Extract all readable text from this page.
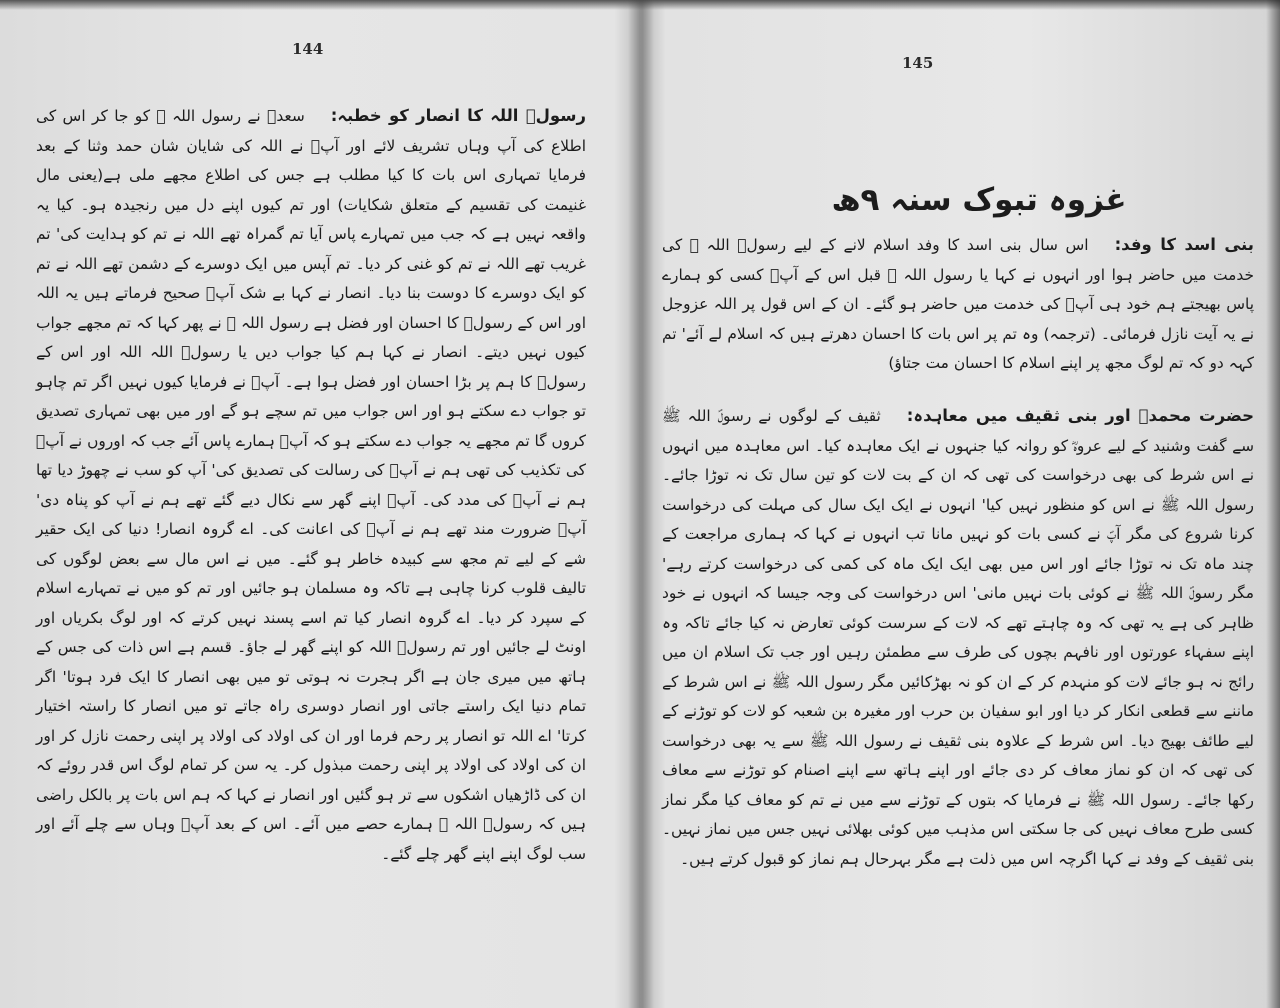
144
رسولؐ اللہ کا انصار کو خطبہ:سعدؓ نے رسول اللہ ﷺ کو جا کر اس کی اطلاع کی آپ وہاں تشریف لائے اور آپؐ نے اللہ کی شایان شان حمد وثنا کے بعد فرمایا تمہاری اس بات کا کیا مطلب ہے جس کی اطلاع مجھے ملی ہے(یعنی مال غنیمت کی تقسیم کے متعلق شکایات) اور تم کیوں اپنے دل میں رنجیدہ ہو۔ کیا یہ واقعہ نہیں ہے کہ جب میں تمہارے پاس آیا تم گمراہ تھے اللہ نے تم کو ہدایت کی' تم غریب تھے اللہ نے تم کو غنی کر دیا۔ تم آپس میں ایک دوسرے کے دشمن تھے اللہ نے تم کو ایک دوسرے کا دوست بنا دیا۔ انصار نے کہا بے شک آپؐ صحیح فرماتے ہیں یہ اللہ اور اس کے رسولؐ کا احسان اور فضل ہے رسول اللہ ﷺ نے پھر کہا کہ تم مجھے جواب کیوں نہیں دیتے۔ انصار نے کہا ہم کیا جواب دیں یا رسولؐ اللہ اللہ اور اس کے رسولؐ کا ہم پر بڑا احسان اور فضل ہوا ہے۔ آپؐ نے فرمایا کیوں نہیں اگر تم چاہو تو جواب دے سکتے ہو اور اس جواب میں تم سچے ہو گے اور میں بھی تمہاری تصدیق کروں گا تم مجھے یہ جواب دے سکتے ہو کہ آپؐ ہمارے پاس آئے جب کہ اوروں نے آپؐ کی تکذیب کی تھی ہم نے آپؐ کی رسالت کی تصدیق کی' آپ کو سب نے چھوڑ دیا تھا ہم نے آپؐ کی مدد کی۔ آپؐ اپنے گھر سے نکال دیے گئے تھے ہم نے آپ کو پناہ دی' آپؐ ضرورت مند تھے ہم نے آپؐ کی اعانت کی۔ اے گروہ انصار! دنیا کی ایک حقیر شے کے لیے تم مجھ سے کبیدہ خاطر ہو گئے۔ میں نے اس مال سے بعض لوگوں کی تالیف قلوب کرنا چاہی ہے تاکہ وہ مسلمان ہو جائیں اور تم کو میں نے تمہارے اسلام کے سپرد کر دیا۔ اے گروہ انصار کیا تم اسے پسند نہیں کرتے کہ اور لوگ بکریاں اور اونٹ لے جائیں اور تم رسولؐ اللہ کو اپنے گھر لے جاؤ۔ قسم ہے اس ذات کی جس کے ہاتھ میں میری جان ہے اگر ہجرت نہ ہوتی تو میں بھی انصار کا ایک فرد ہوتا' اگر تمام دنیا ایک راستے جاتی اور انصار دوسری راہ جاتے تو میں انصار کا راستہ اختیار کرتا' اے اللہ تو انصار پر رحم فرما اور ان کی اولاد کی اولاد پر اپنی رحمت نازل کر اور ان کی اولاد کی اولاد پر اپنی رحمت مبذول کر۔ یہ سن کر تمام لوگ اس قدر روئے کہ ان کی ڈاڑھیاں اشکوں سے تر ہو گئیں اور انصار نے کہا کہ ہم اس بات پر بالکل راضی ہیں کہ رسولؐ اللہ ﷺ ہمارے حصے میں آئے۔ اس کے بعد آپؐ وہاں سے چلے آئے اور سب لوگ اپنے اپنے گھر چلے گئے۔
145
غزوہ تبوک سنہ ۹ھ
بنی اسد کا وفد:اس سال بنی اسد کا وفد اسلام لانے کے لیے رسولؐ اللہ ﷺ کی خدمت میں حاضر ہوا اور انہوں نے کہا یا رسول اللہ ﷺ قبل اس کے آپؐ کسی کو ہمارے پاس بھیجتے ہم خود ہی آپؐ کی خدمت میں حاضر ہو گئے۔ ان کے اس قول پر اللہ عزوجل نے یہ آیت نازل فرمائی۔ (ترجمہ) وہ تم پر اس بات کا احسان دھرتے ہیں کہ اسلام لے آئے' تم کہہ دو کہ تم لوگ مجھ پر اپنے اسلام کا احسان مت جتاؤ)
حضرت محمدؐ اور بنی ثقیف میں معاہدہ:ثقیف کے لوگوں نے رسولؐ اللہ ﷺ سے گفت وشنید کے لیے عروہؓ کو روانہ کیا جنہوں نے ایک معاہدہ کیا۔ اس معاہدہ میں انہوں نے اس شرط کی بھی درخواست کی تھی کہ ان کے بت لات کو تین سال تک نہ توڑا جائے۔ رسول اللہ ﷺ نے اس کو منظور نہیں کیا' انہوں نے ایک ایک سال کی مہلت کی درخواست کرنا شروع کی مگر آپؐ نے کسی بات کو نہیں مانا تب انہوں نے کہا کہ ہماری مراجعت کے چند ماہ تک نہ توڑا جائے اور اس میں بھی ایک ایک ماہ کی کمی کی درخواست کرتے رہے' مگر رسولؐ اللہ ﷺ نے کوئی بات نہیں مانی' اس درخواست کی وجہ جیسا کہ انہوں نے خود ظاہر کی ہے یہ تھی کہ وہ چاہتے تھے کہ لات کے سرست کوئی تعارض نہ کیا جائے تاکہ وہ اپنے سفہاء عورتوں اور نافہم بچوں کی طرف سے مطمئن رہیں اور جب تک اسلام ان میں رائج نہ ہو جائے لات کو منہدم کر کے ان کو نہ بھڑکائیں مگر رسول اللہ ﷺ نے اس شرط کے ماننے سے قطعی انکار کر دیا اور ابو سفیان بن حرب اور مغیرہ بن شعبہ کو لات کو توڑنے کے لیے طائف بھیج دیا۔ اس شرط کے علاوہ بنی ثقیف نے رسول اللہ ﷺ سے یہ بھی درخواست کی تھی کہ ان کو نماز معاف کر دی جائے اور اپنے ہاتھ سے اپنے اصنام کو توڑنے سے معاف رکھا جائے۔ رسول اللہ ﷺ نے فرمایا کہ بتوں کے توڑنے سے میں نے تم کو معاف کیا مگر نماز کسی طرح معاف نہیں کی جا سکتی اس مذہب میں کوئی بھلائی نہیں جس میں نماز نہیں۔ بنی ثقیف کے وفد نے کہا اگرچہ اس میں ذلت ہے مگر بہرحال ہم نماز کو قبول کرتے ہیں۔
